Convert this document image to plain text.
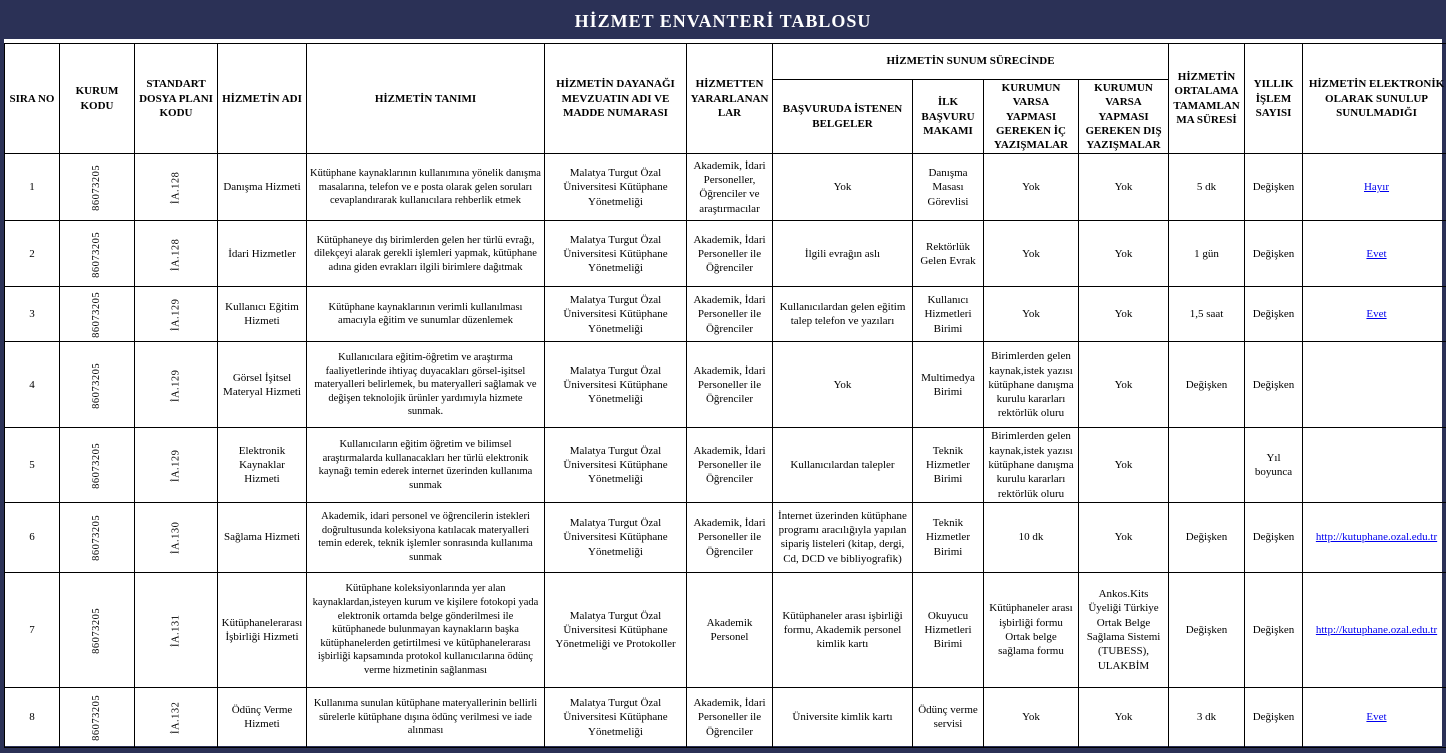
HİZMET ENVANTERİ TABLOSU
SIRA NO	KURUM KODU	STANDART DOSYA PLANI KODU	HİZMETİN ADI	HİZMETİN TANIMI	HİZMETİN DAYANAĞI MEVZUATIN ADI VE MADDE NUMARASI	HİZMETTEN YARARLANANLAR	HİZMETİN SUNUM SÜRECİNDE				HİZMETİN ORTALAMA TAMAMLANMA SÜRESİ	YILLIK İŞLEM SAYISI	HİZMETİN ELEKTRONİK OLARAK SUNULUP SUNULMADIĞI
							BAŞVURUDA İSTENEN BELGELER	İLK BAŞVURU MAKAMI	KURUMUN VARSA YAPMASI GEREKEN İÇ YAZIŞMALAR	KURUMUN VARSA YAPMASI GEREKEN DIŞ YAZIŞMALAR			
1	86073205	İA.128	Danışma Hizmeti	Kütüphane kaynaklarının kullanımına yönelik danışma masalarına, telefon ve e posta olarak gelen soruları cevaplandırarak kullanıcılara rehberlik etmek	Malatya Turgut Özal Üniversitesi Kütüphane Yönetmeliği	Akademik, İdari Personeller, Öğrenciler ve araştırmacılar	Yok	Danışma Masası Görevlisi	Yok	Yok	5 dk	Değişken	Hayır
2	86073205	İA.128	İdari Hizmetler	Kütüphaneye dış birimlerden gelen her türlü evrağı, dilekçeyi alarak gerekli işlemleri yapmak, kütüphane adına giden evrakları ilgili birimlere dağıtmak	Malatya Turgut Özal Üniversitesi Kütüphane Yönetmeliği	Akademik, İdari Personeller ile Öğrenciler	İlgili evrağın aslı	Rektörlük Gelen Evrak	Yok	Yok	1 gün	Değişken	Evet
3	86073205	İA.129	Kullanıcı Eğitim Hizmeti	Kütüphane kaynaklarının verimli kullanılması amacıyla eğitim ve sunumlar düzenlemek	Malatya Turgut Özal Üniversitesi Kütüphane Yönetmeliği	Akademik, İdari Personeller ile Öğrenciler	Kullanıcılardan gelen eğitim talep telefon ve yazıları	Kullanıcı Hizmetleri Birimi	Yok	Yok	1,5 saat	Değişken	Evet
4	86073205	İA.129	Görsel İşitsel Materyal Hizmeti	Kullanıcılara eğitim-öğretim ve araştırma faaliyetlerinde ihtiyaç duyacakları görsel-işitsel materyalleri belirlemek, bu materyalleri sağlamak ve değişen teknolojik ürünler yardımıyla hizmete sunmak.	Malatya Turgut Özal Üniversitesi Kütüphane Yönetmeliği	Akademik, İdari Personeller ile Öğrenciler	Yok	Multimedya Birimi	Birimlerden gelen kaynak,istek yazısı kütüphane danışma kurulu kararları rektörlük oluru	Yok	Değişken	Değişken	
5	86073205	İA.129	Elektronik Kaynaklar Hizmeti	Kullanıcıların eğitim öğretim ve bilimsel araştırmalarda kullanacakları her türlü elektronik kaynağı temin ederek internet üzerinden kullanıma sunmak	Malatya Turgut Özal Üniversitesi Kütüphane Yönetmeliği	Akademik, İdari Personeller ile Öğrenciler	Kullanıcılardan talepler	Teknik Hizmetler Birimi	Birimlerden gelen kaynak,istek yazısı kütüphane danışma kurulu kararları rektörlük oluru	Yok		Yıl boyunca	
6	86073205	İA.130	Sağlama Hizmeti	Akademik, idari personel ve öğrencilerin istekleri doğrultusunda koleksiyona katılacak materyalleri temin ederek, teknik işlemler sonrasında kullanıma sunmak	Malatya Turgut Özal Üniversitesi Kütüphane Yönetmeliği	Akademik, İdari Personeller ile Öğrenciler	İnternet üzerinden kütüphane programı aracılığıyla yapılan sipariş listeleri (kitap, dergi, Cd, DCD ve bibliyografik)	Teknik Hizmetler Birimi	10 dk	Yok	Değişken	Değişken	http://kutuphane.ozal.edu.tr
7	86073205	İA.131	Kütüphanelerarası İşbirliği Hizmeti	Kütüphane koleksiyonlarında yer alan kaynaklardan,isteyen kurum ve kişilere fotokopi yada elektronik ortamda belge gönderilmesi ile kütüphanede bulunmayan kaynakların başka kütüphanelerden getirtilmesi ve kütüphanelerarası işbirliği kapsamında protokol kullanıcılarına ödünç verme hizmetinin sağlanması	Malatya Turgut Özal Üniversitesi Kütüphane Yönetmeliği ve Protokoller	Akademik Personel	Kütüphaneler arası işbirliği formu, Akademik personel kimlik kartı	Okuyucu Hizmetleri Birimi	Kütüphaneler arası işbirliği formu Ortak belge sağlama formu	Ankos.Kits Üyeliği Türkiye Ortak Belge Sağlama Sistemi (TUBESS), ULAKBİM	Değişken	Değişken	http://kutuphane.ozal.edu.tr
8	86073205	İA.132	Ödünç Verme Hizmeti	Kullanıma sunulan kütüphane materyallerinin bellirli sürelerle kütüphane dışına ödünç verilmesi ve iade alınması	Malatya Turgut Özal Üniversitesi Kütüphane Yönetmeliği	Akademik, İdari Personeller ile Öğrenciler	Üniversite kimlik kartı	Ödünç verme servisi	Yok	Yok	3 dk	Değişken	Evet
